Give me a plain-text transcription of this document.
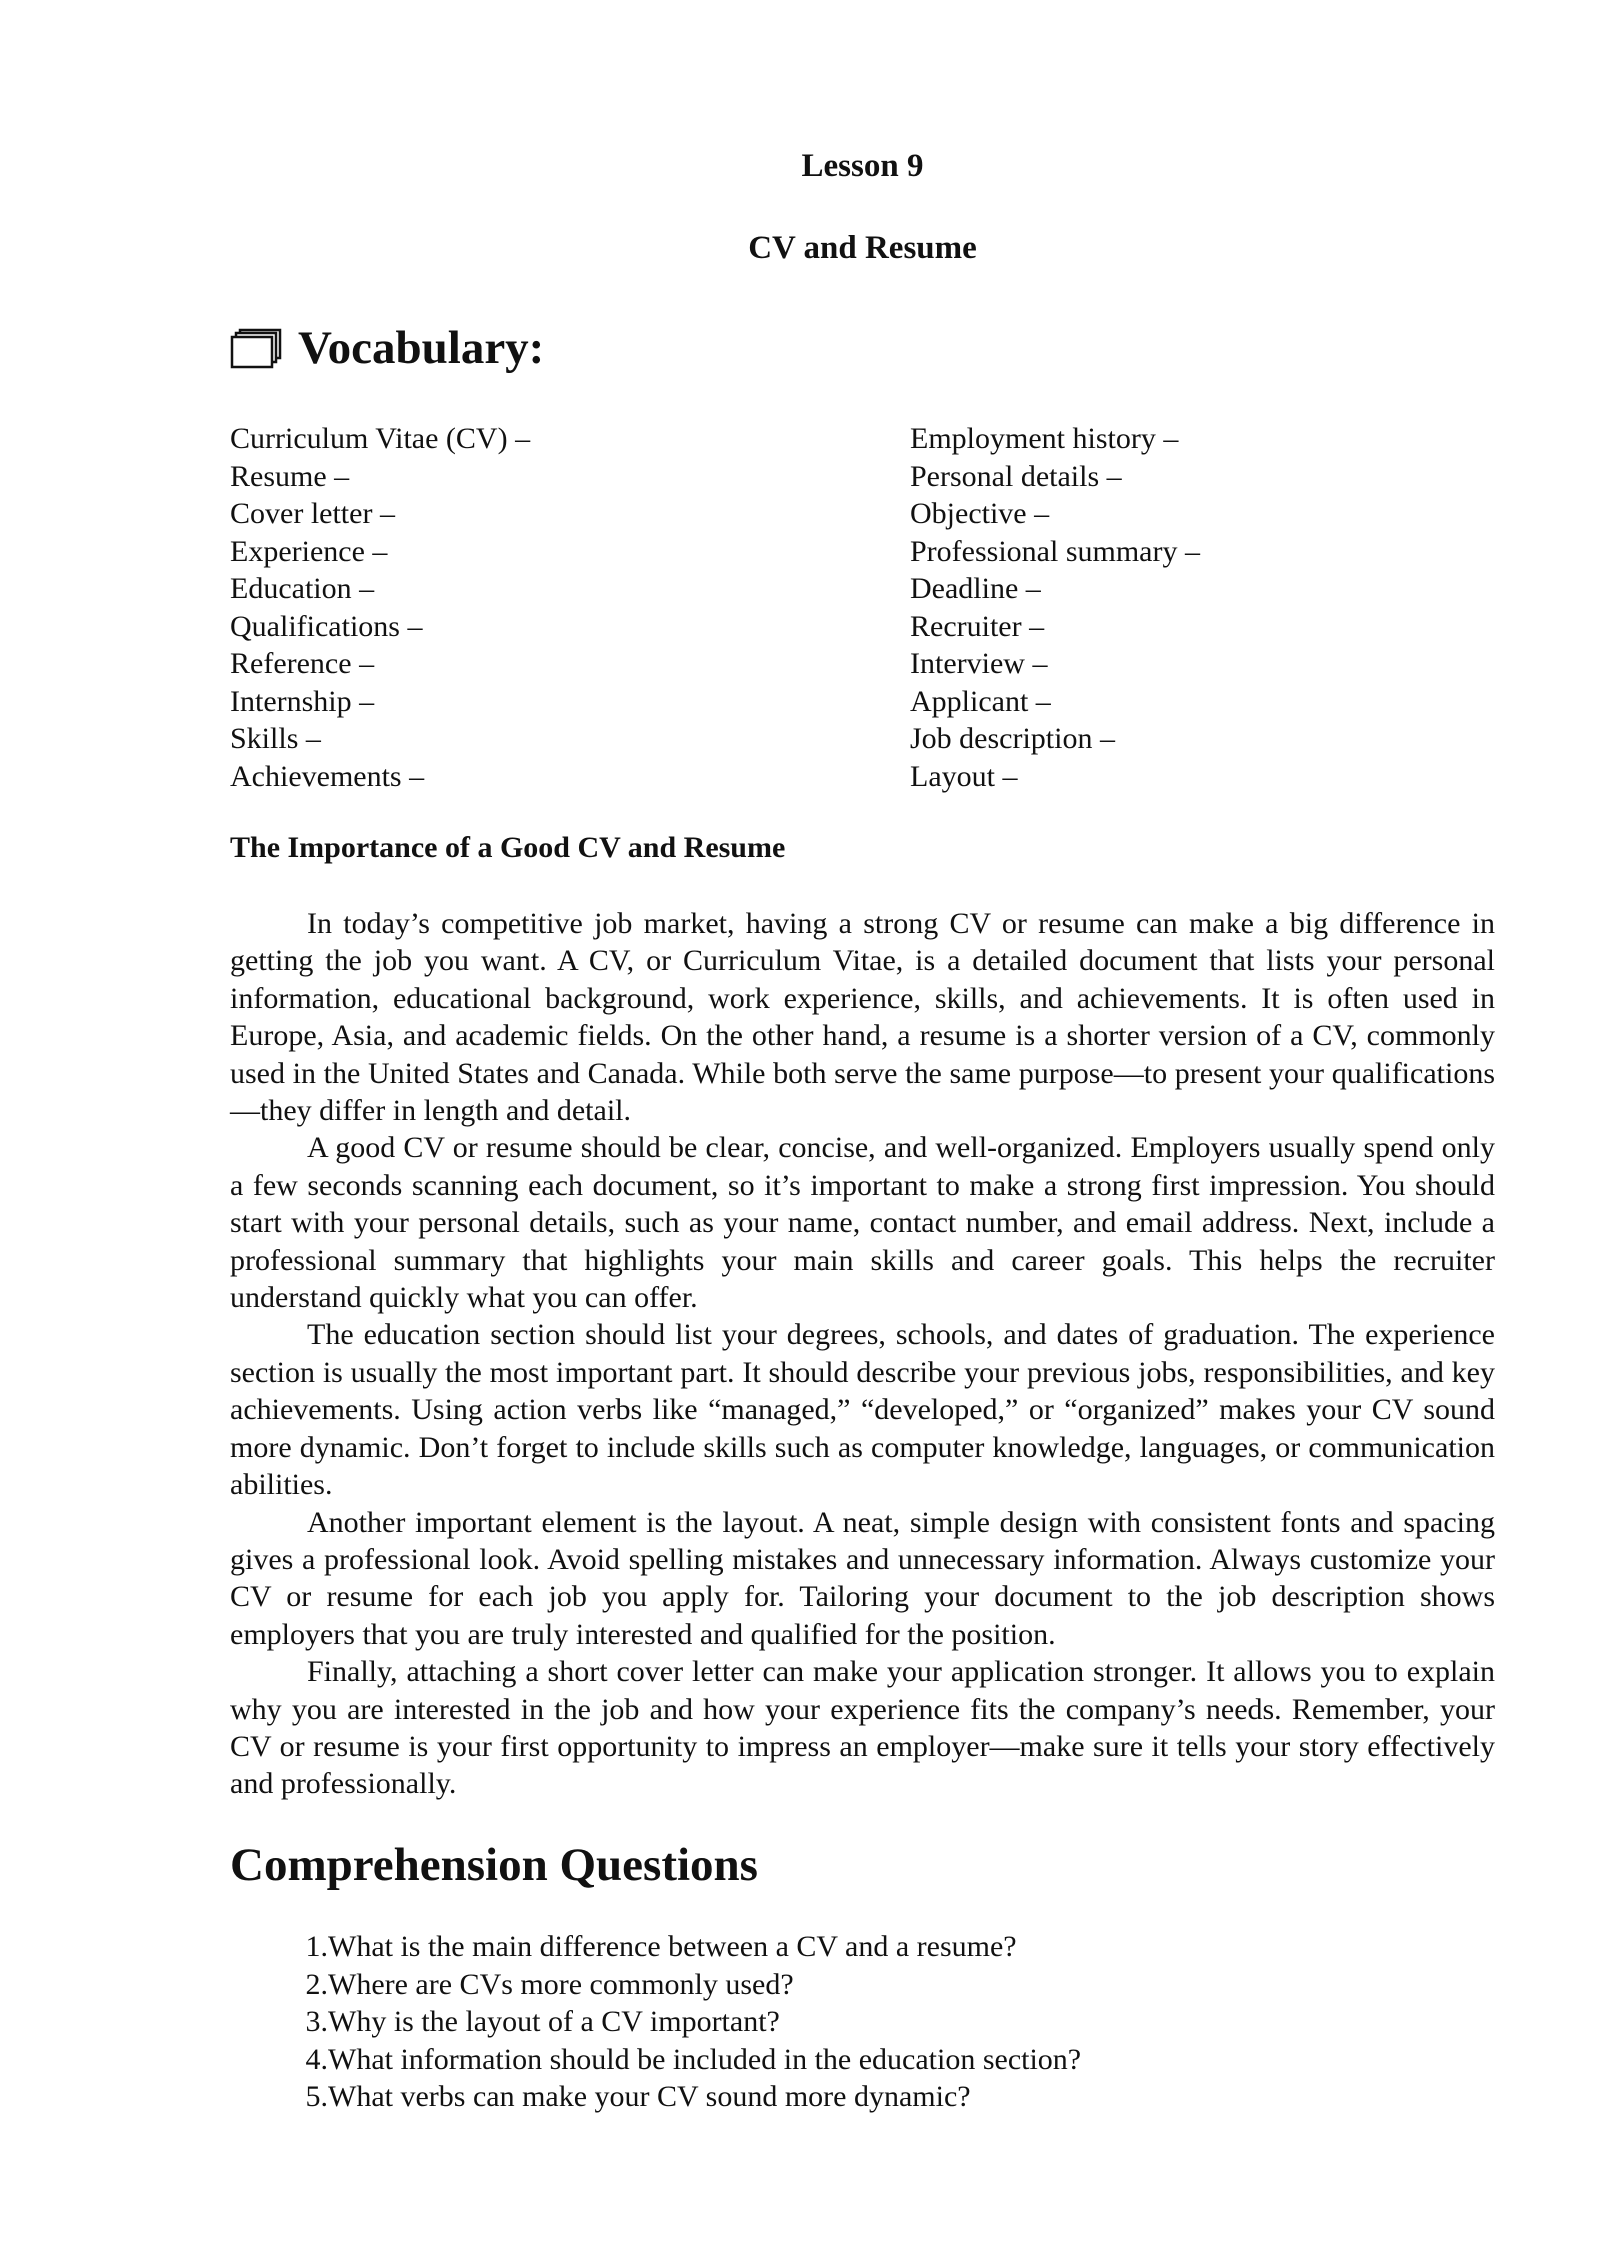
Lesson 9
CV and Resume
Vocabulary:
Curriculum Vitae (CV) –
Resume –
Cover letter –
Experience –
Education –
Qualifications –
Reference –
Internship –
Skills –
Achievements –
Employment history –
Personal details –
Objective –
Professional summary –
Deadline –
Recruiter –
Interview –
Applicant –
Job description –
Layout –
The Importance of a Good CV and Resume

In today’s competitive job market, having a strong CV or resume can make a big difference in getting the job you want. A CV, or Curriculum Vitae, is a detailed document that lists your personal information, educational background, work experience, skills, and achievements. It is often used in Europe, Asia, and academic fields. On the other hand, a resume is a shorter version of a CV, commonly used in the United States and Canada. While both serve the same purpose—to present your qualifications—they differ in length and detail.

A good CV or resume should be clear, concise, and well-organized. Employers usually spend only a few seconds scanning each document, so it’s important to make a strong first impression. You should start with your personal details, such as your name, contact number, and email address. Next, include a professional summary that highlights your main skills and career goals. This helps the recruiter understand quickly what you can offer.

The education section should list your degrees, schools, and dates of graduation. The experience section is usually the most important part. It should describe your previous jobs, responsibilities, and key achievements. Using action verbs like “managed,” “developed,” or “organized” makes your CV sound more dynamic. Don’t forget to include skills such as computer knowledge, languages, or communication abilities.

Another important element is the layout. A neat, simple design with consistent fonts and spacing gives a professional look. Avoid spelling mistakes and unnecessary information. Always customize your CV or resume for each job you apply for. Tailoring your document to the job description shows employers that you are truly interested and qualified for the position.

Finally, attaching a short cover letter can make your application stronger. It allows you to explain why you are interested in the job and how your experience fits the company’s needs. Remember, your CV or resume is your first opportunity to impress an employer—make sure it tells your story effectively and professionally.

Comprehension Questions
1. What is the main difference between a CV and a resume?
2. Where are CVs more commonly used?
3. Why is the layout of a CV important?
4. What information should be included in the education section?
5. What verbs can make your CV sound more dynamic?
